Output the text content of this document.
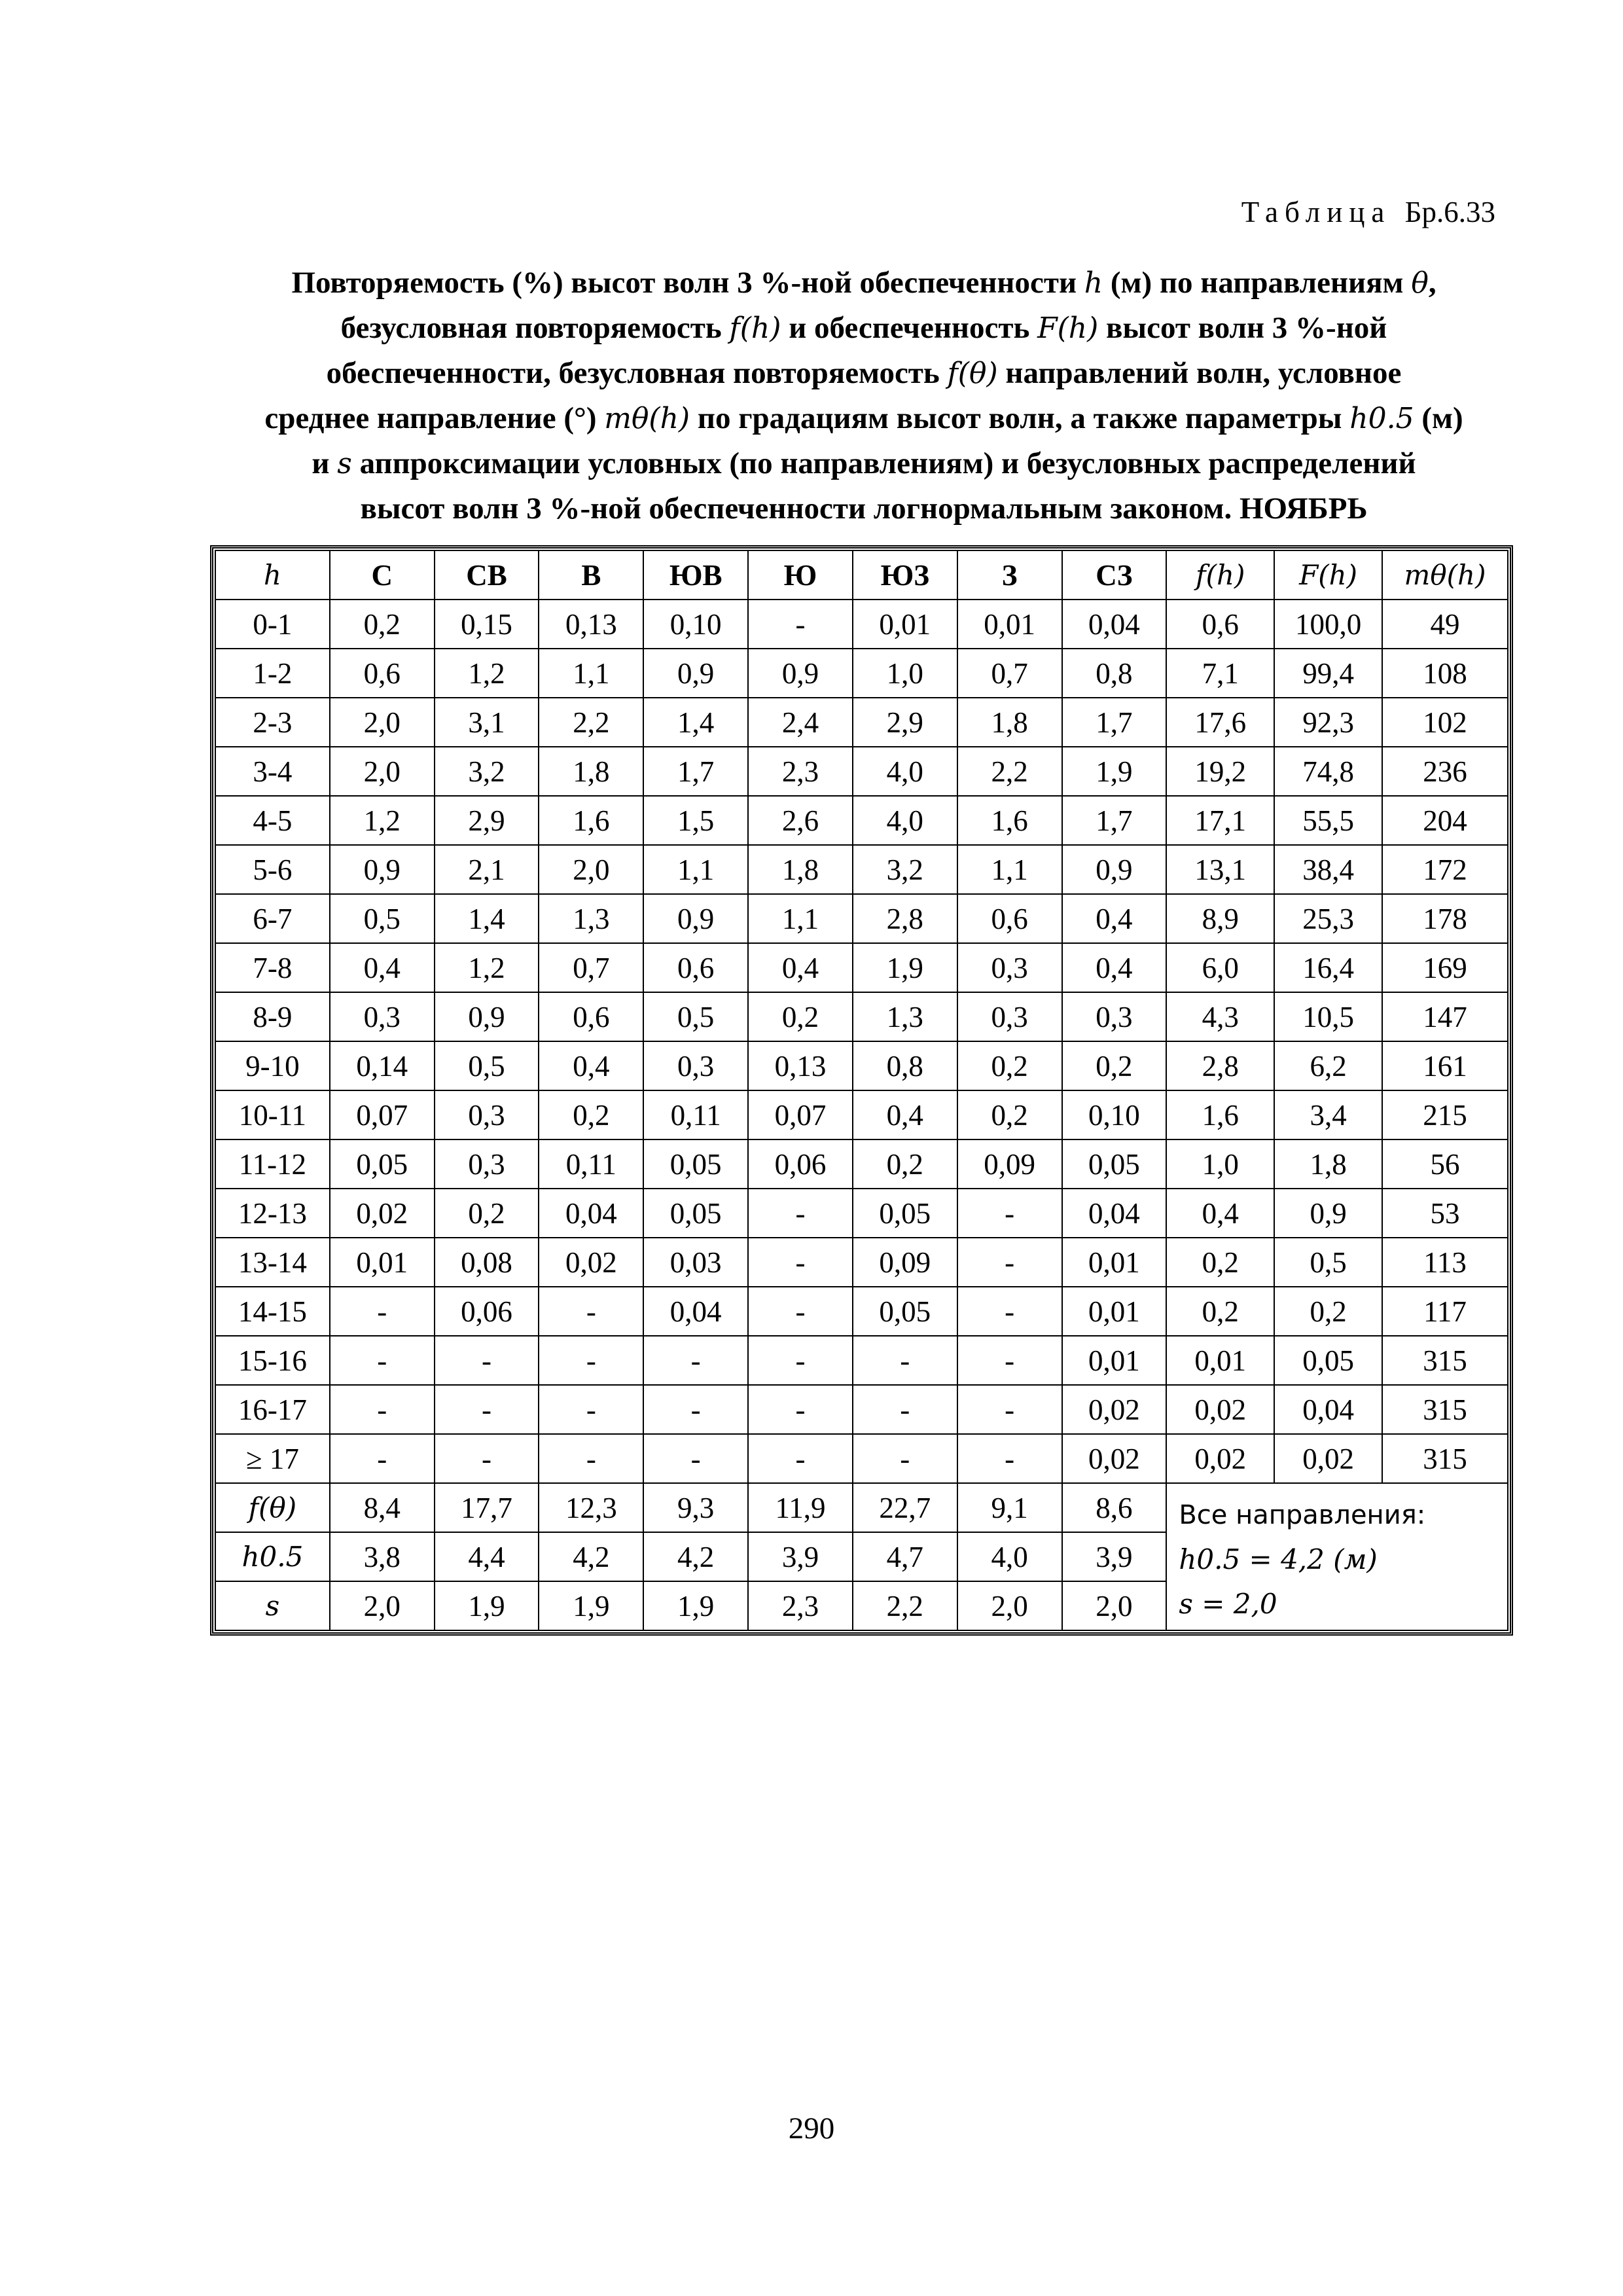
Таблица Бр.6.33
Повторяемость (%) высот волн 3 %-ной обеспеченности h (м) по направлениям θ,
безусловная повторяемость f(h) и обеспеченность F(h) высот волн 3 %-ной
обеспеченности, безусловная повторяемость f(θ) направлений волн, условное
среднее направление (°) mθ(h) по градациям высот волн, а также параметры h0.5 (м)
и s аппроксимации условных (по направлениям) и безусловных распределений
высот волн 3 %-ной обеспеченности логнормальным законом. НОЯБРЬ
h	С	СВ	В	ЮВ	Ю	ЮЗ	З	СЗ	f(h)	F(h)	mθ(h)
0-1	0,2	0,15	0,13	0,10	-	0,01	0,01	0,04	0,6	100,0	49
1-2	0,6	1,2	1,1	0,9	0,9	1,0	0,7	0,8	7,1	99,4	108
2-3	2,0	3,1	2,2	1,4	2,4	2,9	1,8	1,7	17,6	92,3	102
3-4	2,0	3,2	1,8	1,7	2,3	4,0	2,2	1,9	19,2	74,8	236
4-5	1,2	2,9	1,6	1,5	2,6	4,0	1,6	1,7	17,1	55,5	204
5-6	0,9	2,1	2,0	1,1	1,8	3,2	1,1	0,9	13,1	38,4	172
6-7	0,5	1,4	1,3	0,9	1,1	2,8	0,6	0,4	8,9	25,3	178
7-8	0,4	1,2	0,7	0,6	0,4	1,9	0,3	0,4	6,0	16,4	169
8-9	0,3	0,9	0,6	0,5	0,2	1,3	0,3	0,3	4,3	10,5	147
9-10	0,14	0,5	0,4	0,3	0,13	0,8	0,2	0,2	2,8	6,2	161
10-11	0,07	0,3	0,2	0,11	0,07	0,4	0,2	0,10	1,6	3,4	215
11-12	0,05	0,3	0,11	0,05	0,06	0,2	0,09	0,05	1,0	1,8	56
12-13	0,02	0,2	0,04	0,05	-	0,05	-	0,04	0,4	0,9	53
13-14	0,01	0,08	0,02	0,03	-	0,09	-	0,01	0,2	0,5	113
14-15	-	0,06	-	0,04	-	0,05	-	0,01	0,2	0,2	117
15-16	-	-	-	-	-	-	-	0,01	0,01	0,05	315
16-17	-	-	-	-	-	-	-	0,02	0,02	0,04	315
≥ 17	-	-	-	-	-	-	-	0,02	0,02	0,02	315
f(θ)	8,4	17,7	12,3	9,3	11,9	22,7	9,1	8,6	Все направления:
h0.5 = 4,2 (м)
s = 2,0		

h0.5	3,8	4,4	4,2	4,2	3,9	4,7	4,0	3,9			
s	2,0	1,9	1,9	1,9	2,3	2,2	2,0	2,0			
290
